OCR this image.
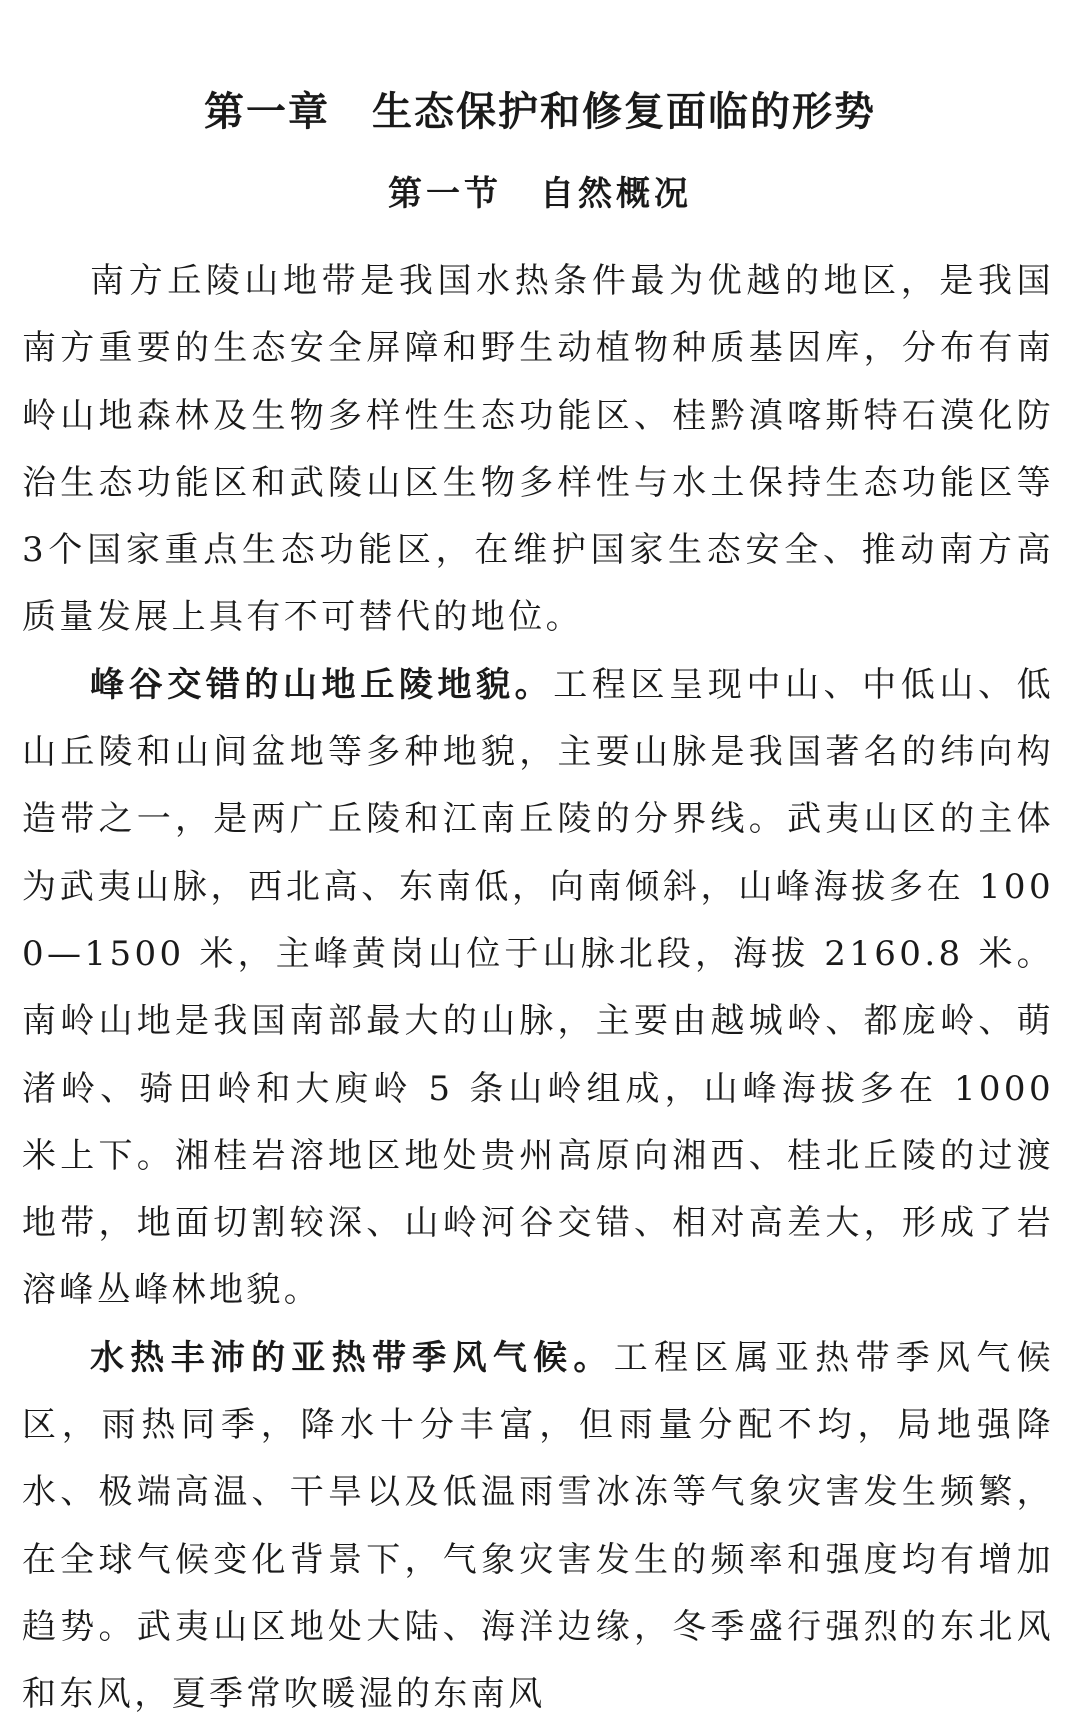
第一章　生态保护和修复面临的形势
第一节　自然概况

南方丘陵山地带是我国水热条件最为优越的地区，是我国南方重要的生态安全屏障和野生动植物种质基因库，分布有南岭山地森林及生物多样性生态功能区、桂黔滇喀斯特石漠化防治生态功能区和武陵山区生物多样性与水土保持生态功能区等3个国家重点生态功能区，在维护国家生态安全、推动南方高质量发展上具有不可替代的地位。

峰谷交错的山地丘陵地貌。工程区呈现中山、中低山、低山丘陵和山间盆地等多种地貌，主要山脉是我国著名的纬向构造带之一，是两广丘陵和江南丘陵的分界线。武夷山区的主体为武夷山脉，西北高、东南低，向南倾斜，山峰海拔多在 1000—1500 米，主峰黄岗山位于山脉北段，海拔 2160.8 米。南岭山地是我国南部最大的山脉，主要由越城岭、都庞岭、萌渚岭、骑田岭和大庾岭 5 条山岭组成，山峰海拔多在 1000 米上下。湘桂岩溶地区地处贵州高原向湘西、桂北丘陵的过渡地带，地面切割较深、山岭河谷交错、相对高差大，形成了岩溶峰丛峰林地貌。

水热丰沛的亚热带季风气候。工程区属亚热带季风气候区，雨热同季，降水十分丰富，但雨量分配不均，局地强降水、极端高温、干旱以及低温雨雪冰冻等气象灾害发生频繁，在全球气候变化背景下，气象灾害发生的频率和强度均有增加趋势。武夷山区地处大陆、海洋边缘，冬季盛行强烈的东北风和东风，夏季常吹暖湿的东南风
